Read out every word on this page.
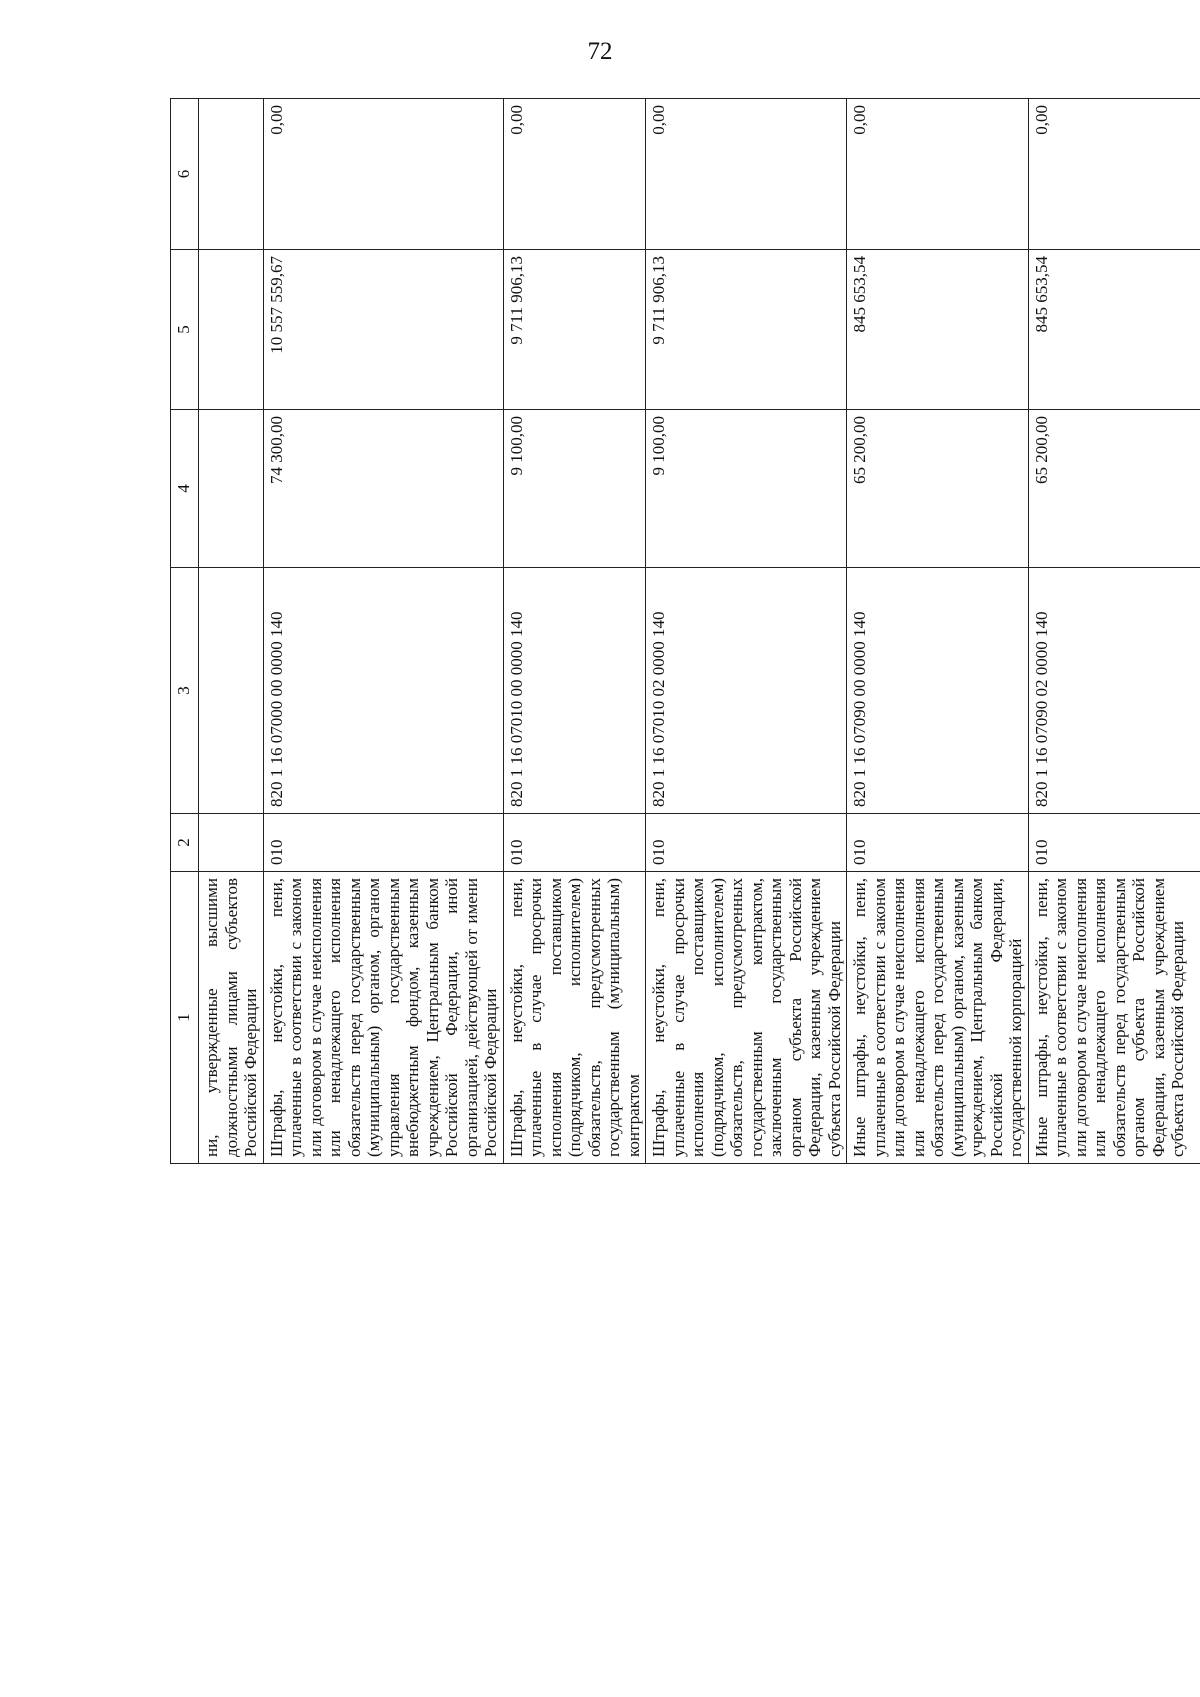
72
1	2	3	4	5	6
ни, утвержденные высшими должностными лицами субъектов Российской Федерации					
Штрафы, неустойки, пени, уплаченные в соответствии с законом или договором в случае неисполнения или ненадлежащего исполнения обязательств перед государственным (муниципальным) органом, органом управления государственным внебюджетным фондом, казенным учреждением, Центральным банком Российской Федерации, иной организацией, действующей от имени Российской Федерации	010	820 1 16 07000 00 0000 140	74 300,00	10 557 559,67	0,00
Штрафы, неустойки, пени, уплаченные в случае просрочки исполнения поставщиком (подрядчиком, исполнителем) обязательств, предусмотренных государственным (муниципальным) контрактом	010	820 1 16 07010 00 0000 140	9 100,00	9 711 906,13	0,00
Штрафы, неустойки, пени, уплаченные в случае просрочки исполнения поставщиком (подрядчиком, исполнителем) обязательств, предусмотренных государственным контрактом, заключенным государственным органом субъекта Российской Федерации, казенным учреждением субъекта Российской Федерации	010	820 1 16 07010 02 0000 140	9 100,00	9 711 906,13	0,00
Иные штрафы, неустойки, пени, уплаченные в соответствии с законом или договором в случае неисполнения или ненадлежащего исполнения обязательств перед государственным (муниципальным) органом, казенным учреждением, Центральным банком Российской Федерации, государственной корпорацией	010	820 1 16 07090 00 0000 140	65 200,00	845 653,54	0,00
Иные штрафы, неустойки, пени, уплаченные в соответствии с законом или договором в случае неисполнения или ненадлежащего исполнения обязательств перед государственным органом субъекта Российской Федерации, казенным учреждением субъекта Российской Федерации	010	820 1 16 07090 02 0000 140	65 200,00	845 653,54	0,00
